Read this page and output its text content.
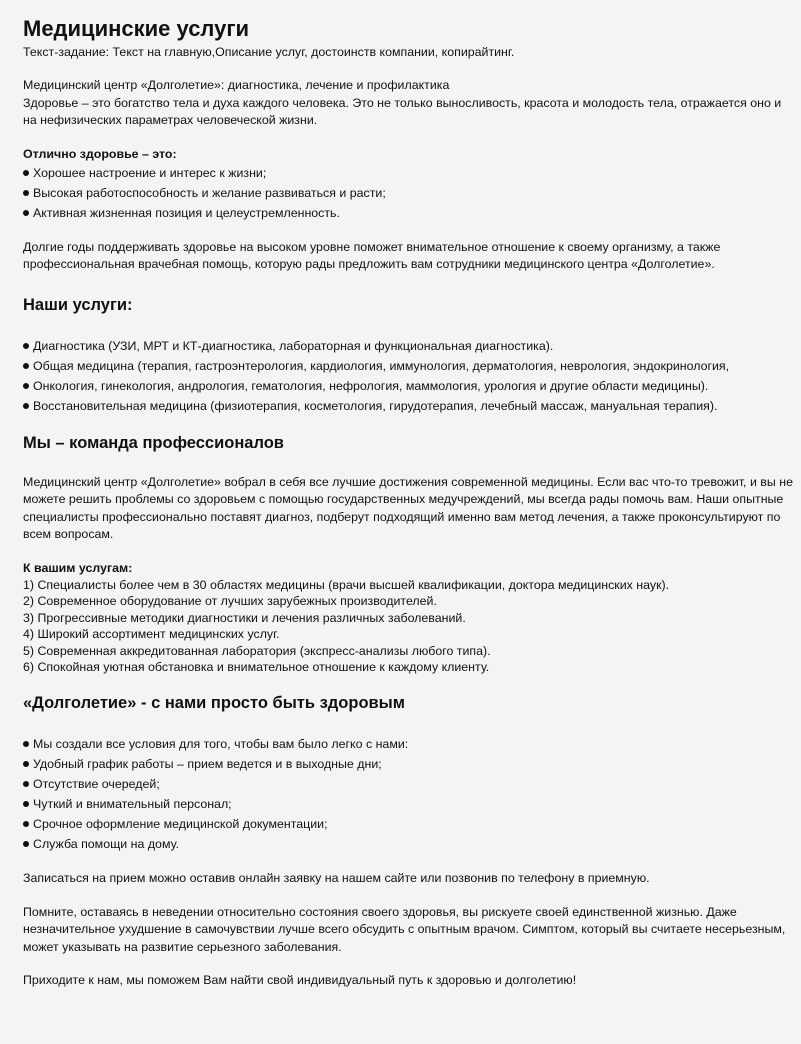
Медицинские услуги

Текст-задание: Текст на главную,Описание услуг, достоинств компании, копирайтинг.

Медицинский центр «Долголетие»: диагностика, лечение и профилактика

Здоровье – это богатство тела и духа каждого человека. Это не только выносливость, красота и молодость тела, отражается оно и на нефизических параметрах человеческой жизни.

Отлично здоровье – это:

Хорошее настроение и интерес к жизни;
Высокая работоспособность и желание развиваться и расти;
Активная жизненная позиция и целеустремленность.

Долгие годы поддерживать здоровье на высоком уровне поможет внимательное отношение к своему организму, а также профессиональная врачебная помощь, которую рады предложить вам сотрудники медицинского центра «Долголетие».

Наши услуги:
Диагностика (УЗИ, МРТ и КТ-диагностика, лабораторная и функциональная диагностика).
Общая медицина (терапия, гастроэнтерология, кардиология, иммунология, дерматология, неврология, эндокринология,
Онкология, гинекология, андрология, гематология, нефрология, маммология, урология и другие области медицины).
Восстановительная медицина (физиотерапия, косметология, гирудотерапия, лечебный массаж, мануальная терапия).
Мы – команда профессионалов

Медицинский центр «Долголетие» вобрал в себя все лучшие достижения современной медицины. Если вас что-то тревожит, и вы не можете решить проблемы со здоровьем с помощью государственных медучреждений, мы всегда рады помочь вам. Наши опытные специалисты профессионально поставят диагноз, подберут подходящий именно вам метод лечения, а также проконсультируют по всем вопросам.

К вашим услугам:

1) Специалисты более чем в 30 областях медицины (врачи высшей квалификации, доктора медицинских наук).
2) Современное оборудование от лучших зарубежных производителей.
3) Прогрессивные методики диагностики и лечения различных заболеваний.
4) Широкий ассортимент медицинских услуг.
5) Современная аккредитованная лаборатория (экспресс-анализы любого типа).
6) Спокойная уютная обстановка и внимательное отношение к каждому клиенту.
«Долголетие» - с нами просто быть здоровым
Мы создали все условия для того, чтобы вам было легко с нами:
Удобный график работы – прием ведется и в выходные дни;
Отсутствие очередей;
Чуткий и внимательный персонал;
Срочное оформление медицинской документации;
Служба помощи на дому.

Записаться на прием можно оставив онлайн заявку на нашем сайте или позвонив по телефону в приемную.

Помните, оставаясь в неведении относительно состояния своего здоровья, вы рискуете своей единственной жизнью. Даже незначительное ухудшение в самочувствии лучше всего обсудить с опытным врачом. Симптом, который вы считаете несерьезным, может указывать на развитие серьезного заболевания.

Приходите к нам, мы поможем Вам найти свой индивидуальный путь к здоровью и долголетию!
